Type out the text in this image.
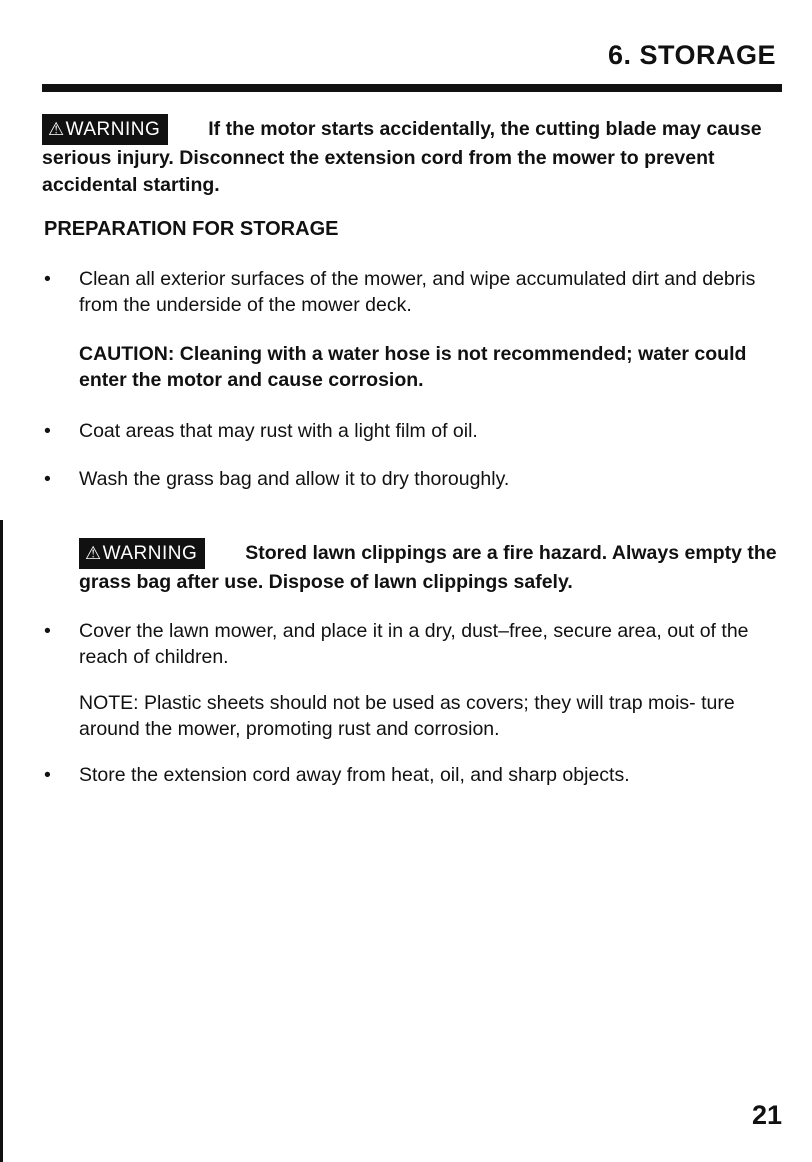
6. STORAGE
⚠WARNING If the motor starts accidentally, the cutting blade may cause serious injury. Disconnect the extension cord from the mower to prevent accidental starting.
PREPARATION FOR STORAGE
• Clean all exterior surfaces of the mower, and wipe accumulated dirt and debris from the underside of the mower deck.
CAUTION: Cleaning with a water hose is not recommended; water could enter the motor and cause corrosion.
• Coat areas that may rust with a light film of oil.
• Wash the grass bag and allow it to dry thoroughly.
⚠WARNING Stored lawn clippings are a fire hazard. Always empty the grass bag after use. Dispose of lawn clippings safely.
• Cover the lawn mower, and place it in a dry, dust–free, secure area, out of the reach of children.
NOTE: Plastic sheets should not be used as covers; they will trap mois- ture around the mower, promoting rust and corrosion.
• Store the extension cord away from heat, oil, and sharp objects.

21
